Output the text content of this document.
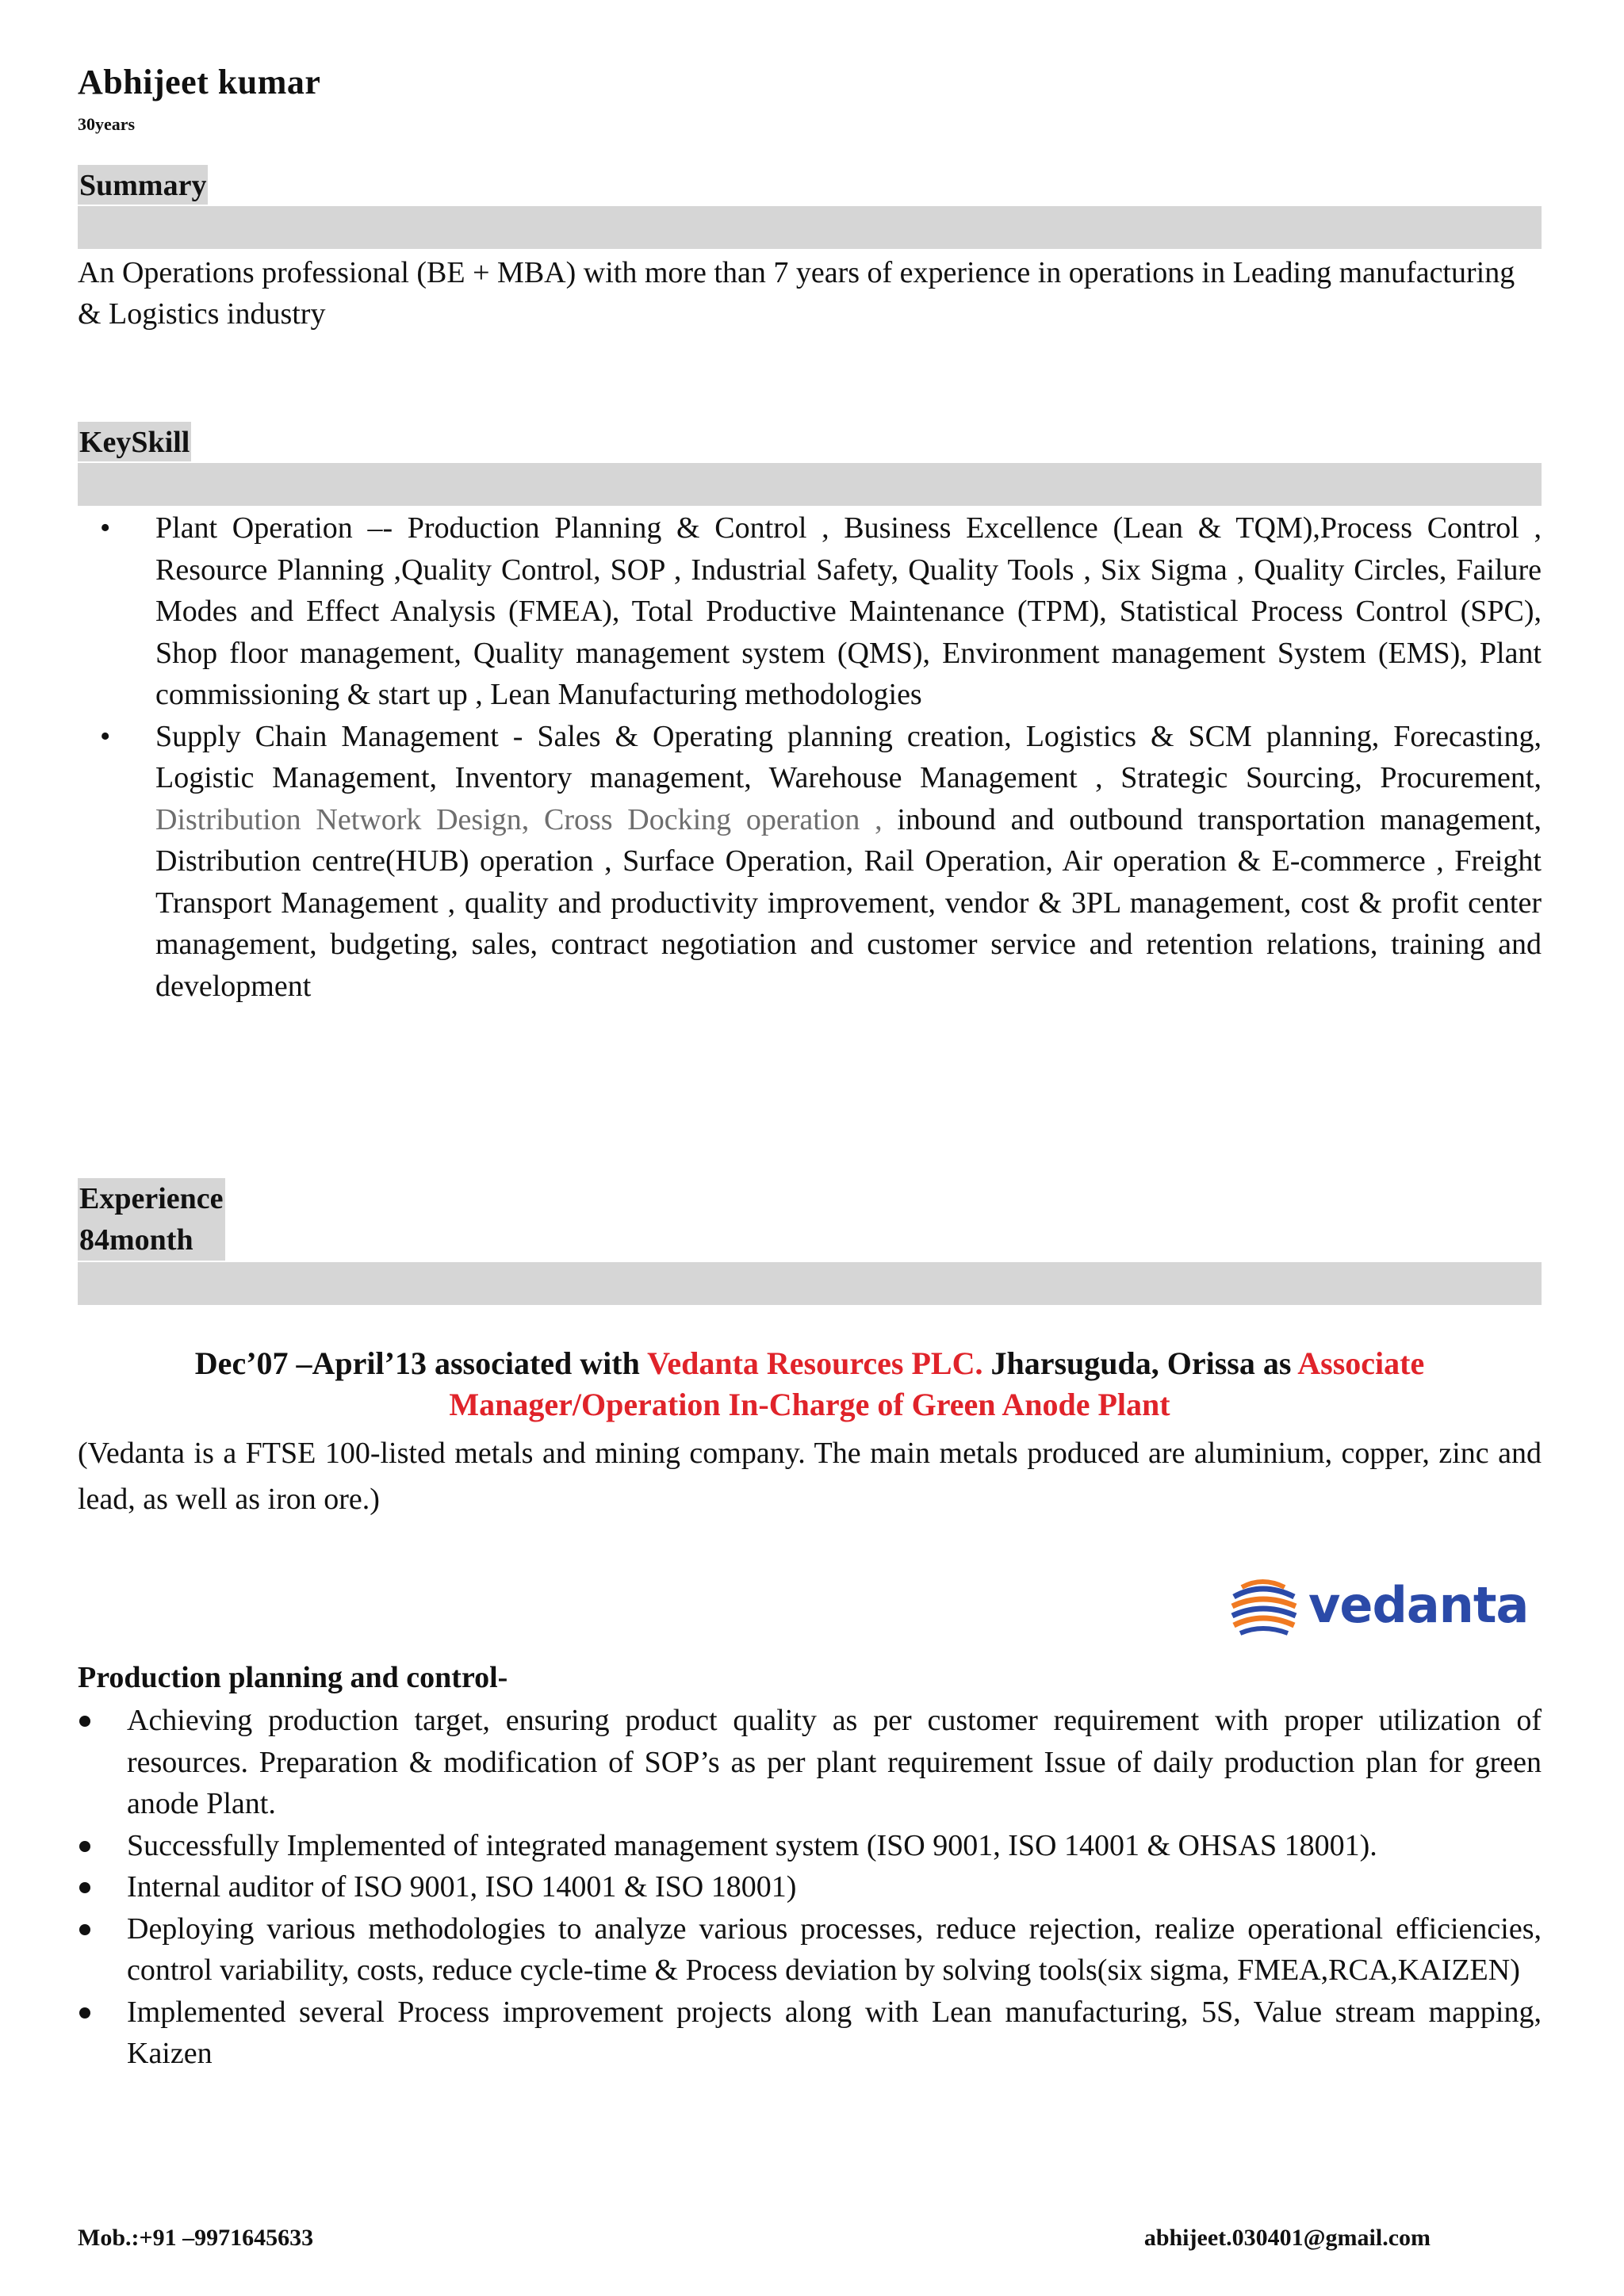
Abhijeet kumar
30years
Summary
An Operations professional (BE + MBA) with more than 7 years of experience in operations in Leading manufacturing & Logistics industry
KeySkill
• Plant Operation –- Production Planning & Control , Business Excellence (Lean & TQM),Process Control , Resource Planning ,Quality Control, SOP , Industrial Safety, Quality Tools , Six Sigma , Quality Circles, Failure Modes and Effect Analysis (FMEA), Total Productive Maintenance (TPM), Statistical Process Control (SPC), Shop floor management, Quality management system (QMS), Environment management System (EMS), Plant commissioning & start up , Lean Manufacturing methodologies
• Supply Chain Management - Sales & Operating planning creation, Logistics & SCM planning, Forecasting, Logistic Management, Inventory management, Warehouse Management , Strategic Sourcing, Procurement, Distribution Network Design, Cross Docking operation , inbound and outbound transportation management, Distribution centre(HUB) operation , Surface Operation, Rail Operation, Air operation & E-commerce , Freight Transport Management , quality and productivity improvement, vendor & 3PL management, cost & profit center management, budgeting, sales, contract negotiation and customer service and retention relations, training and development
Experience
84month
Dec’07 –April’13 associated with Vedanta Resources PLC. Jharsuguda, Orissa as Associate Manager/Operation In-Charge of Green Anode Plant
(Vedanta is a FTSE 100-listed metals and mining company. The main metals produced are aluminium, copper, zinc and lead, as well as iron ore.)
vedanta
Production planning and control-
Achieving production target, ensuring product quality as per customer requirement with proper utilization of resources. Preparation & modification of SOP’s as per plant requirement Issue of daily production plan for green anode Plant.
Successfully Implemented of integrated management system (ISO 9001, ISO 14001 & OHSAS 18001).
Internal auditor of ISO 9001, ISO 14001 & ISO 18001)
Deploying various methodologies to analyze various processes, reduce rejection, realize operational efficiencies, control variability, costs, reduce cycle-time & Process deviation by solving tools(six sigma, FMEA,RCA,KAIZEN)
Implemented several Process improvement projects along with Lean manufacturing, 5S, Value stream mapping, Kaizen
Mob.:+91 –9971645633	abhijeet.030401@gmail.com
